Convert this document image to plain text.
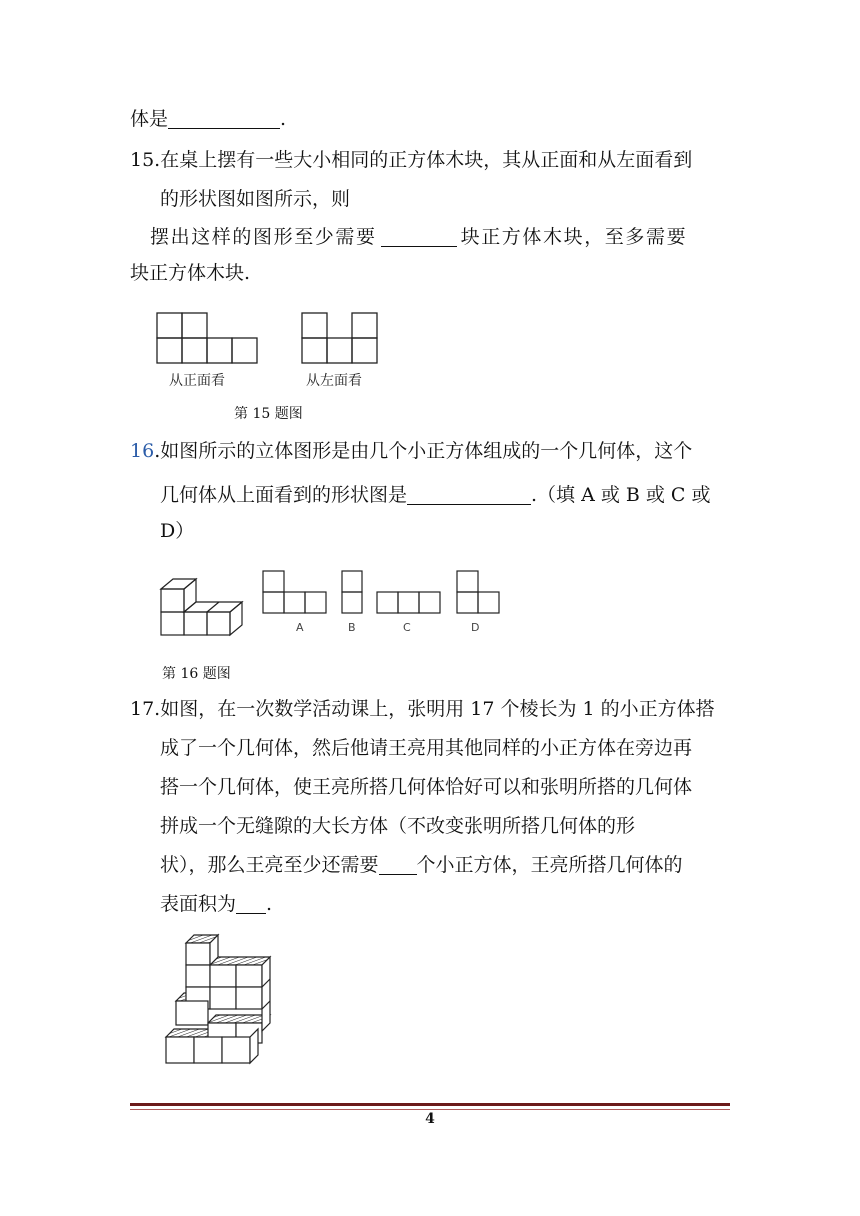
体是	.
15.在桌上摆有一些大小相同的正方体木块，其从正面和从左面看到
的形状图如图所示，则
摆出这样的图形至少需要	块正方体木块，至多需要
块正方体木块.
从正面看	从左面看
第 15 题图
16.如图所示的立体图形是由几个小正方体组成的一个几何体，这个
几何体从上面看到的形状图是	.（填 A 或 B 或 C 或
D）
A	B	C	D
第 16 题图
17.如图，在一次数学活动课上，张明用 17 个棱长为 1 的小正方体搭
成了一个几何体，然后他请王亮用其他同样的小正方体在旁边再
搭一个几何体，使王亮所搭几何体恰好可以和张明所搭的几何体
拼成一个无缝隙的大长方体（不改变张明所搭几何体的形
状），那么王亮至少还需要 个小正方体，王亮所搭几何体的
表面积为 .
4
